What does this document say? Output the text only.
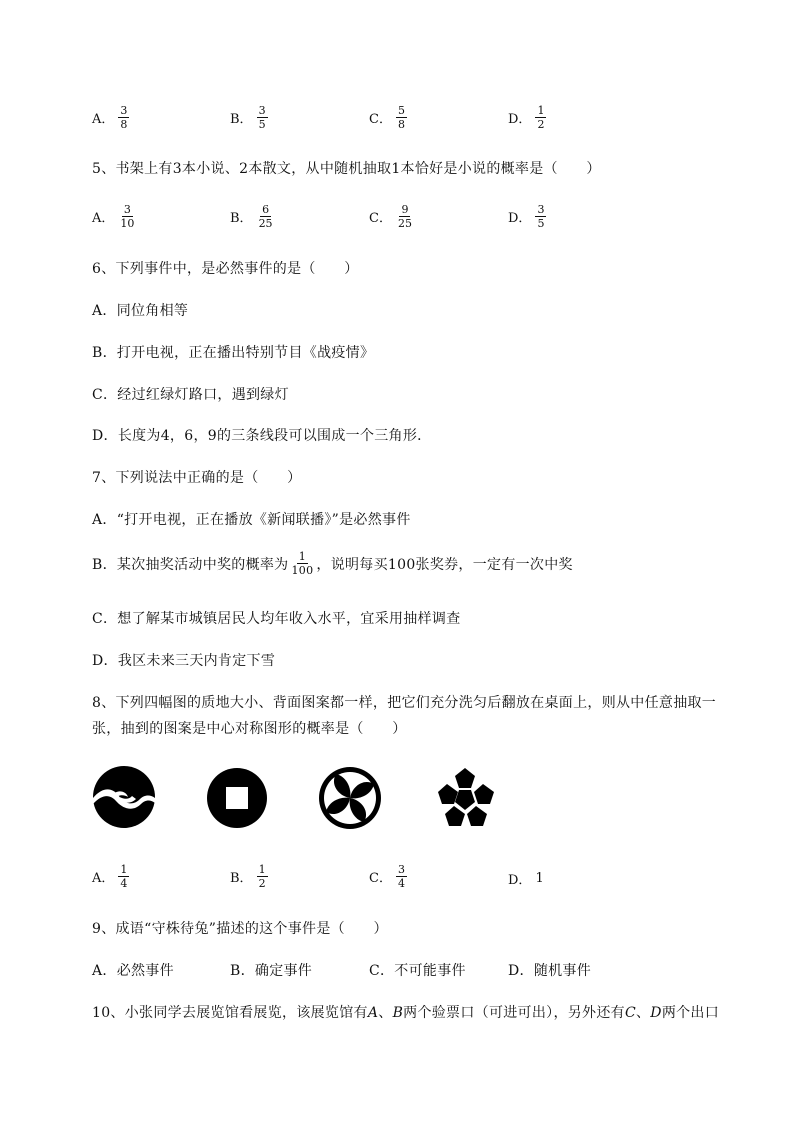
A． $\frac{3}{8}$	B． $\frac{3}{5}$	C． $\frac{5}{8}$	D． $\frac{1}{2}$
5、书架上有3本小说、2本散文，从中随机抽取1本恰好是小说的概率是（　　）
A． $\frac{3}{10}$	B． $\frac{6}{25}$	C． $\frac{9}{25}$	D． $\frac{3}{5}$
6、下列事件中，是必然事件的是（　　）
A．同位角相等
B．打开电视，正在播出特别节目《战疫情》
C．经过红绿灯路口，遇到绿灯
D．长度为4，6，9的三条线段可以围成一个三角形．
7、下列说法中正确的是（　　）
A．“打开电视，正在播放《新闻联播》”是必然事件
B．某次抽奖活动中奖的概率为 $\frac{1}{100}$ ，说明每买100张奖券，一定有一次中奖
C．想了解某市城镇居民人均年收入水平，宜采用抽样调查
D．我区未来三天内肯定下雪
8、下列四幅图的质地大小、背面图案都一样，把它们充分洗匀后翻放在桌面上，则从中任意抽取一
张，抽到的图案是中心对称图形的概率是（　　）
A． $\frac{1}{4}$	B． $\frac{1}{2}$	C． $\frac{3}{4}$	D． 1
9、成语“守株待兔”描述的这个事件是（　　）
A．必然事件	B．确定事件	C．不可能事件	D．随机事件
10、小张同学去展览馆看展览，该展览馆有A、B两个验票口（可进可出），另外还有C、D两个出口
